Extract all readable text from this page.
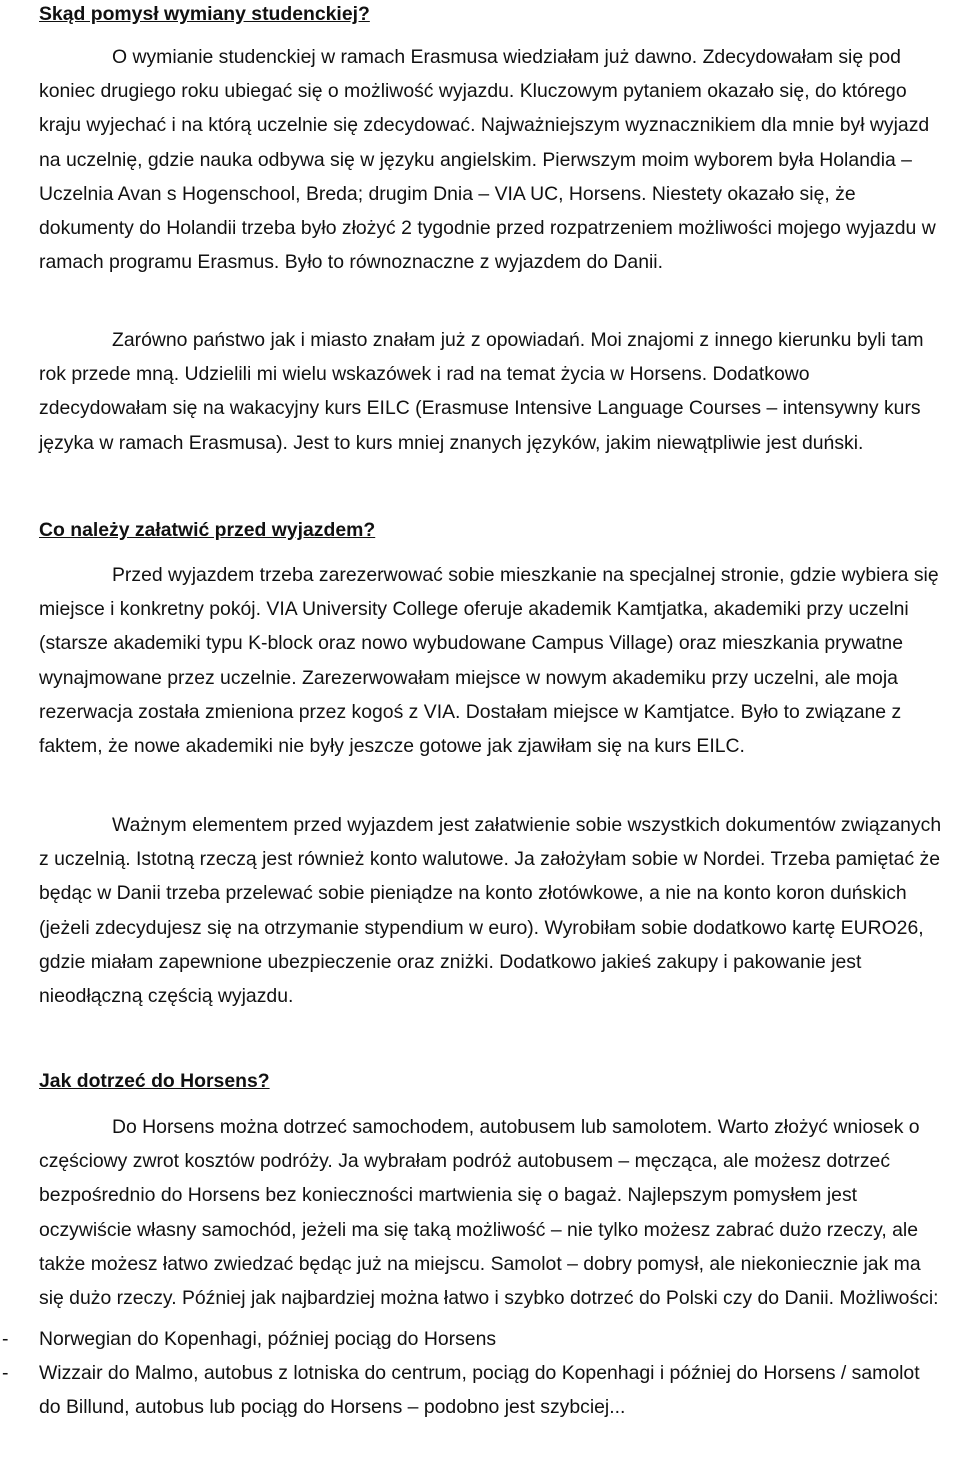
Skąd pomysł wymiany studenckiej?

O wymianie studenckiej w ramach Erasmusa wiedziałam już dawno. Zdecydowałam się pod koniec drugiego roku ubiegać się o możliwość wyjazdu. Kluczowym pytaniem okazało się, do którego kraju wyjechać i na którą uczelnie się zdecydować. Najważniejszym wyznacznikiem dla mnie był wyjazd na uczelnię, gdzie nauka odbywa się w języku angielskim. Pierwszym moim wyborem była Holandia – Uczelnia Avan s Hogenschool, Breda; drugim Dnia – VIA UC, Horsens. Niestety okazało się, że dokumenty do Holandii trzeba było złożyć 2 tygodnie przed rozpatrzeniem możliwości mojego wyjazdu w ramach programu Erasmus. Było to równoznaczne z wyjazdem do Danii.

Zarówno państwo jak i miasto znałam już z opowiadań. Moi znajomi z innego kierunku byli tam rok przede mną. Udzielili mi wielu wskazówek i rad na temat życia w Horsens. Dodatkowo zdecydowałam się na wakacyjny kurs EILC (Erasmuse Intensive Language Courses – intensywny kurs języka w ramach Erasmusa). Jest to kurs mniej znanych języków, jakim niewątpliwie jest duński.

Co należy załatwić przed wyjazdem?

Przed wyjazdem trzeba zarezerwować sobie mieszkanie na specjalnej stronie, gdzie wybiera się miejsce i konkretny pokój. VIA University College oferuje akademik Kamtjatka, akademiki przy uczelni (starsze akademiki typu K-block oraz nowo wybudowane Campus Village) oraz mieszkania prywatne wynajmowane przez uczelnie. Zarezerwowałam miejsce w nowym akademiku przy uczelni, ale moja rezerwacja została zmieniona przez kogoś z VIA. Dostałam miejsce w Kamtjatce. Było to związane z faktem, że nowe akademiki nie były jeszcze gotowe jak zjawiłam się na kurs EILC.

Ważnym elementem przed wyjazdem jest załatwienie sobie wszystkich dokumentów związanych z uczelnią. Istotną rzeczą jest również konto walutowe. Ja założyłam sobie w Nordei. Trzeba pamiętać że będąc w Danii trzeba przelewać sobie pieniądze na konto złotówkowe, a nie na konto koron duńskich (jeżeli zdecydujesz się na otrzymanie stypendium w euro). Wyrobiłam sobie dodatkowo kartę EURO26, gdzie miałam zapewnione ubezpieczenie oraz zniżki. Dodatkowo jakieś zakupy i pakowanie jest nieodłączną częścią wyjazdu.

Jak dotrzeć do Horsens?

Do Horsens można dotrzeć samochodem, autobusem lub samolotem. Warto złożyć wniosek o częściowy zwrot kosztów podróży. Ja wybrałam podróż autobusem – męcząca, ale możesz dotrzeć bezpośrednio do Horsens bez konieczności martwienia się o bagaż. Najlepszym pomysłem jest oczywiście własny samochód, jeżeli ma się taką możliwość – nie tylko możesz zabrać dużo rzeczy, ale także możesz łatwo zwiedzać będąc już na miejscu. Samolot – dobry pomysł, ale niekoniecznie jak ma się dużo rzeczy. Później jak najbardziej można łatwo i szybko dotrzeć do Polski czy do Danii. Możliwości:

- Norwegian do Kopenhagi, później pociąg do Horsens
- Wizzair do Malmo, autobus z lotniska do centrum, pociąg do Kopenhagi i później do Horsens / samolot do Billund, autobus lub pociąg do Horsens – podobno jest szybciej...
